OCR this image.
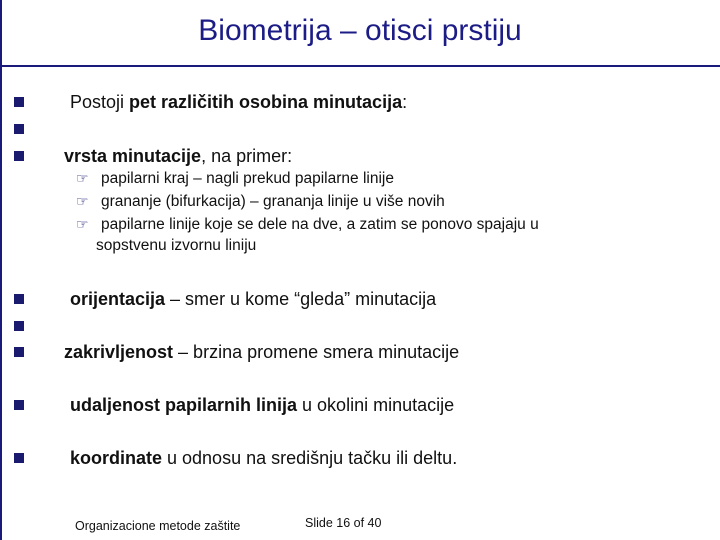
Biometrija – otisci prstiju
Postoji pet različitih osobina minutacija:
vrsta minutacije, na primer:
☞ papilarni kraj – nagli prekud papilarne linije
☞ grananje (bifurkacija) – grananja linije u više novih
☞ papilarne linije koje se dele na dve, a zatim se ponovo spajaju u
sopstvenu izvornu liniju
orijentacija – smer u kome “gleda” minutacija
zakrivljenost – brzina promene smera minutacije
udaljenost papilarnih linija u okolini minutacije
koordinate u odnosu na središnju tačku ili deltu.
Organizacione metode zaštite	Slide 16 of 40
